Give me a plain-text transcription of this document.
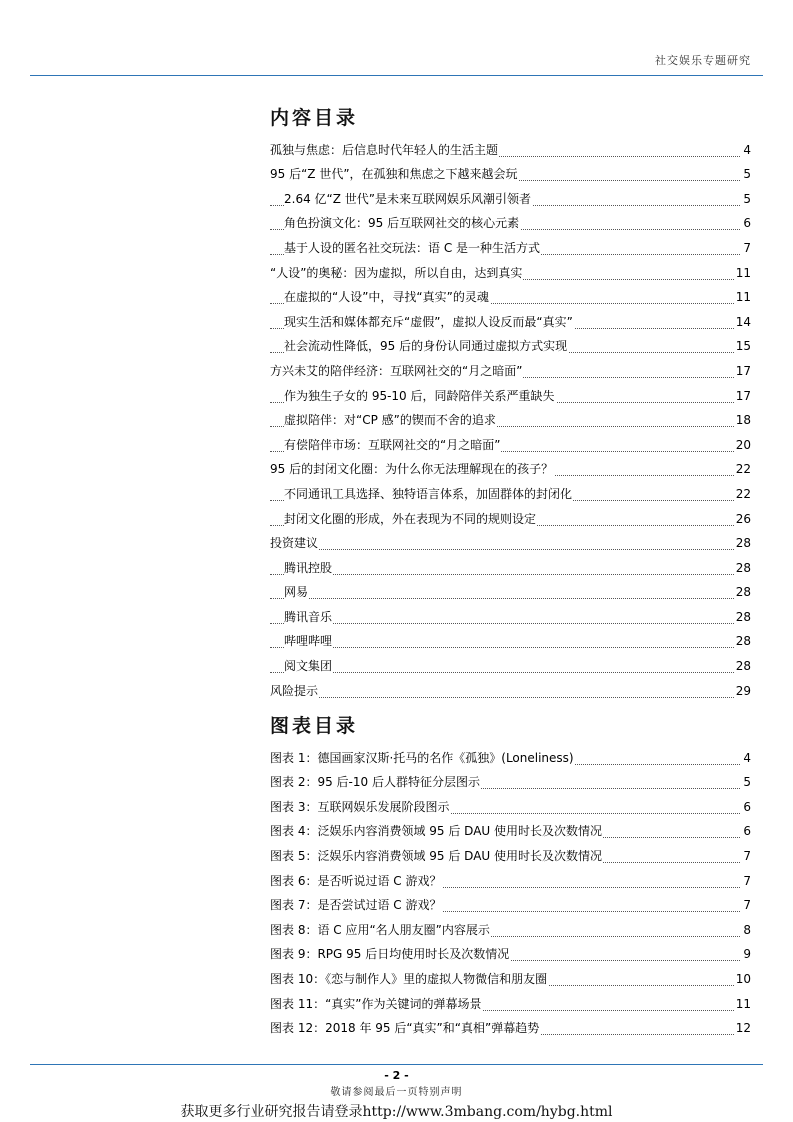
社交娱乐专题研究
内容目录
孤独与焦虑：后信息时代年轻人的生活主题	4
95 后“Z 世代”，在孤独和焦虑之下越来越会玩	5
2.64 亿“Z 世代”是未来互联网娱乐风潮引领者	5
角色扮演文化：95 后互联网社交的核心元素	6
基于人设的匿名社交玩法：语 C 是一种生活方式	7
“人设”的奥秘：因为虚拟，所以自由，达到真实	11
在虚拟的“人设”中，寻找“真实”的灵魂	11
现实生活和媒体都充斥“虚假”，虚拟人设反而最“真实”	14
社会流动性降低，95 后的身份认同通过虚拟方式实现	15
方兴未艾的陪伴经济：互联网社交的“月之暗面”	17
作为独生子女的 95-10 后，同龄陪伴关系严重缺失	17
虚拟陪伴：对“CP 感”的锲而不舍的追求	18
有偿陪伴市场：互联网社交的“月之暗面”	20
95 后的封闭文化圈：为什么你无法理解现在的孩子？	22
不同通讯工具选择、独特语言体系，加固群体的封闭化	22
封闭文化圈的形成，外在表现为不同的规则设定	26
投资建议	28
腾讯控股	28
网易	28
腾讯音乐	28
哔哩哔哩	28
阅文集团	28
风险提示	29
图表目录
图表 1：德国画家汉斯·托马的名作《孤独》(Loneliness)	4
图表 2：95 后-10 后人群特征分层图示	5
图表 3：互联网娱乐发展阶段图示	6
图表 4：泛娱乐内容消费领域 95 后 DAU 使用时长及次数情况	6
图表 5：泛娱乐内容消费领域 95 后 DAU 使用时长及次数情况	7
图表 6：是否听说过语 C 游戏？	7
图表 7：是否尝试过语 C 游戏？	7
图表 8：语 C 应用“名人朋友圈”内容展示	8
图表 9：RPG 95 后日均使用时长及次数情况	9
图表 10：《恋与制作人》里的虚拟人物微信和朋友圈	10
图表 11：“真实”作为关键词的弹幕场景	11
图表 12：2018 年 95 后“真实”和“真相”弹幕趋势	12
- 2 -
敬请参阅最后一页特别声明
获取更多行业研究报告请登录http://www.3mbang.com/hybg.html
